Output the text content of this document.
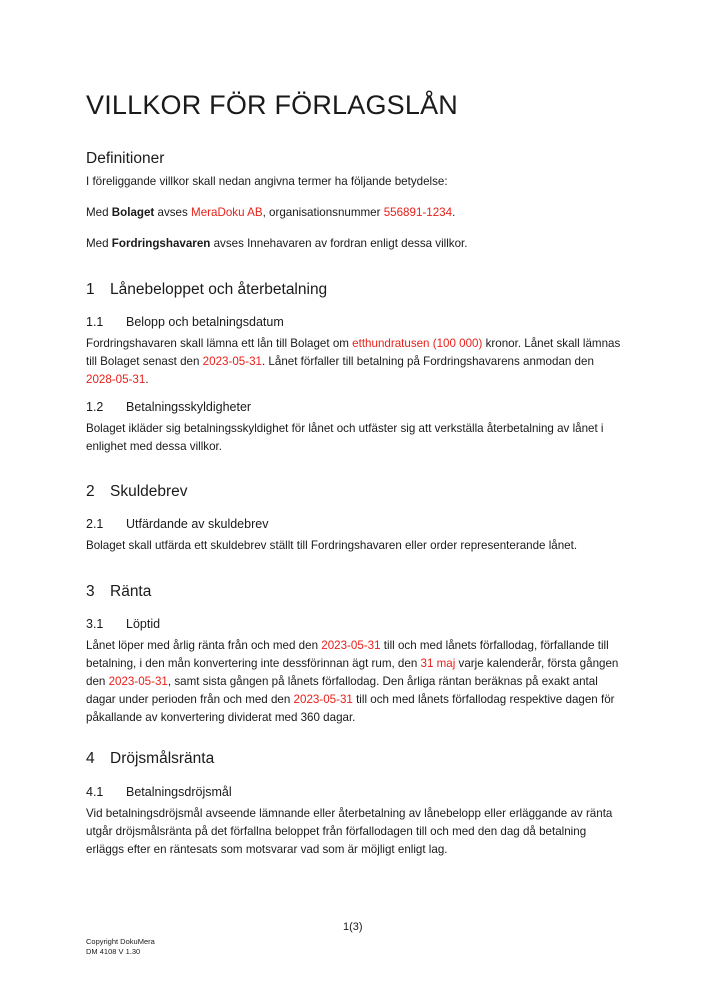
VILLKOR FÖR FÖRLAGSLÅN
Definitioner

I föreliggande villkor skall nedan angivna termer ha följande betydelse:

Med Bolaget avses MeraDoku AB, organisationsnummer 556891-1234.

Med Fordringshavaren avses Innehavaren av fordran enligt dessa villkor.

1 Lånebeloppet och återbetalning
1.1 Belopp och betalningsdatum

Fordringshavaren skall lämna ett lån till Bolaget om etthundratusen (100 000) kronor. Lånet skall lämnas till Bolaget senast den 2023-05-31. Lånet förfaller till betalning på Fordringshavarens anmodan den 2028-05-31.

1.2 Betalningsskyldigheter

Bolaget ikläder sig betalningsskyldighet för lånet och utfäster sig att verkställa återbetalning av lånet i enlighet med dessa villkor.

2 Skuldebrev
2.1 Utfärdande av skuldebrev

Bolaget skall utfärda ett skuldebrev ställt till Fordringshavaren eller order representerande lånet.

3 Ränta
3.1 Löptid

Lånet löper med årlig ränta från och med den 2023-05-31 till och med lånets förfallodag, förfallande till betalning, i den mån konvertering inte dessförinnan ägt rum, den 31 maj varje kalenderår, första gången den 2023-05-31, samt sista gången på lånets förfallodag. Den årliga räntan beräknas på exakt antal dagar under perioden från och med den 2023-05-31 till och med lånets förfallodag respektive dagen för påkallande av konvertering dividerat med 360 dagar.

4 Dröjsmålsränta
4.1 Betalningsdröjsmål

Vid betalningsdröjsmål avseende lämnande eller återbetalning av lånebelopp eller erläggande av ränta utgår dröjsmålsränta på det förfallna beloppet från förfallodagen till och med den dag då betalning erläggs efter en räntesats som motsvarar vad som är möjligt enligt lag.

1(3)
Copyright DokuMera
DM 4108 V 1.30
